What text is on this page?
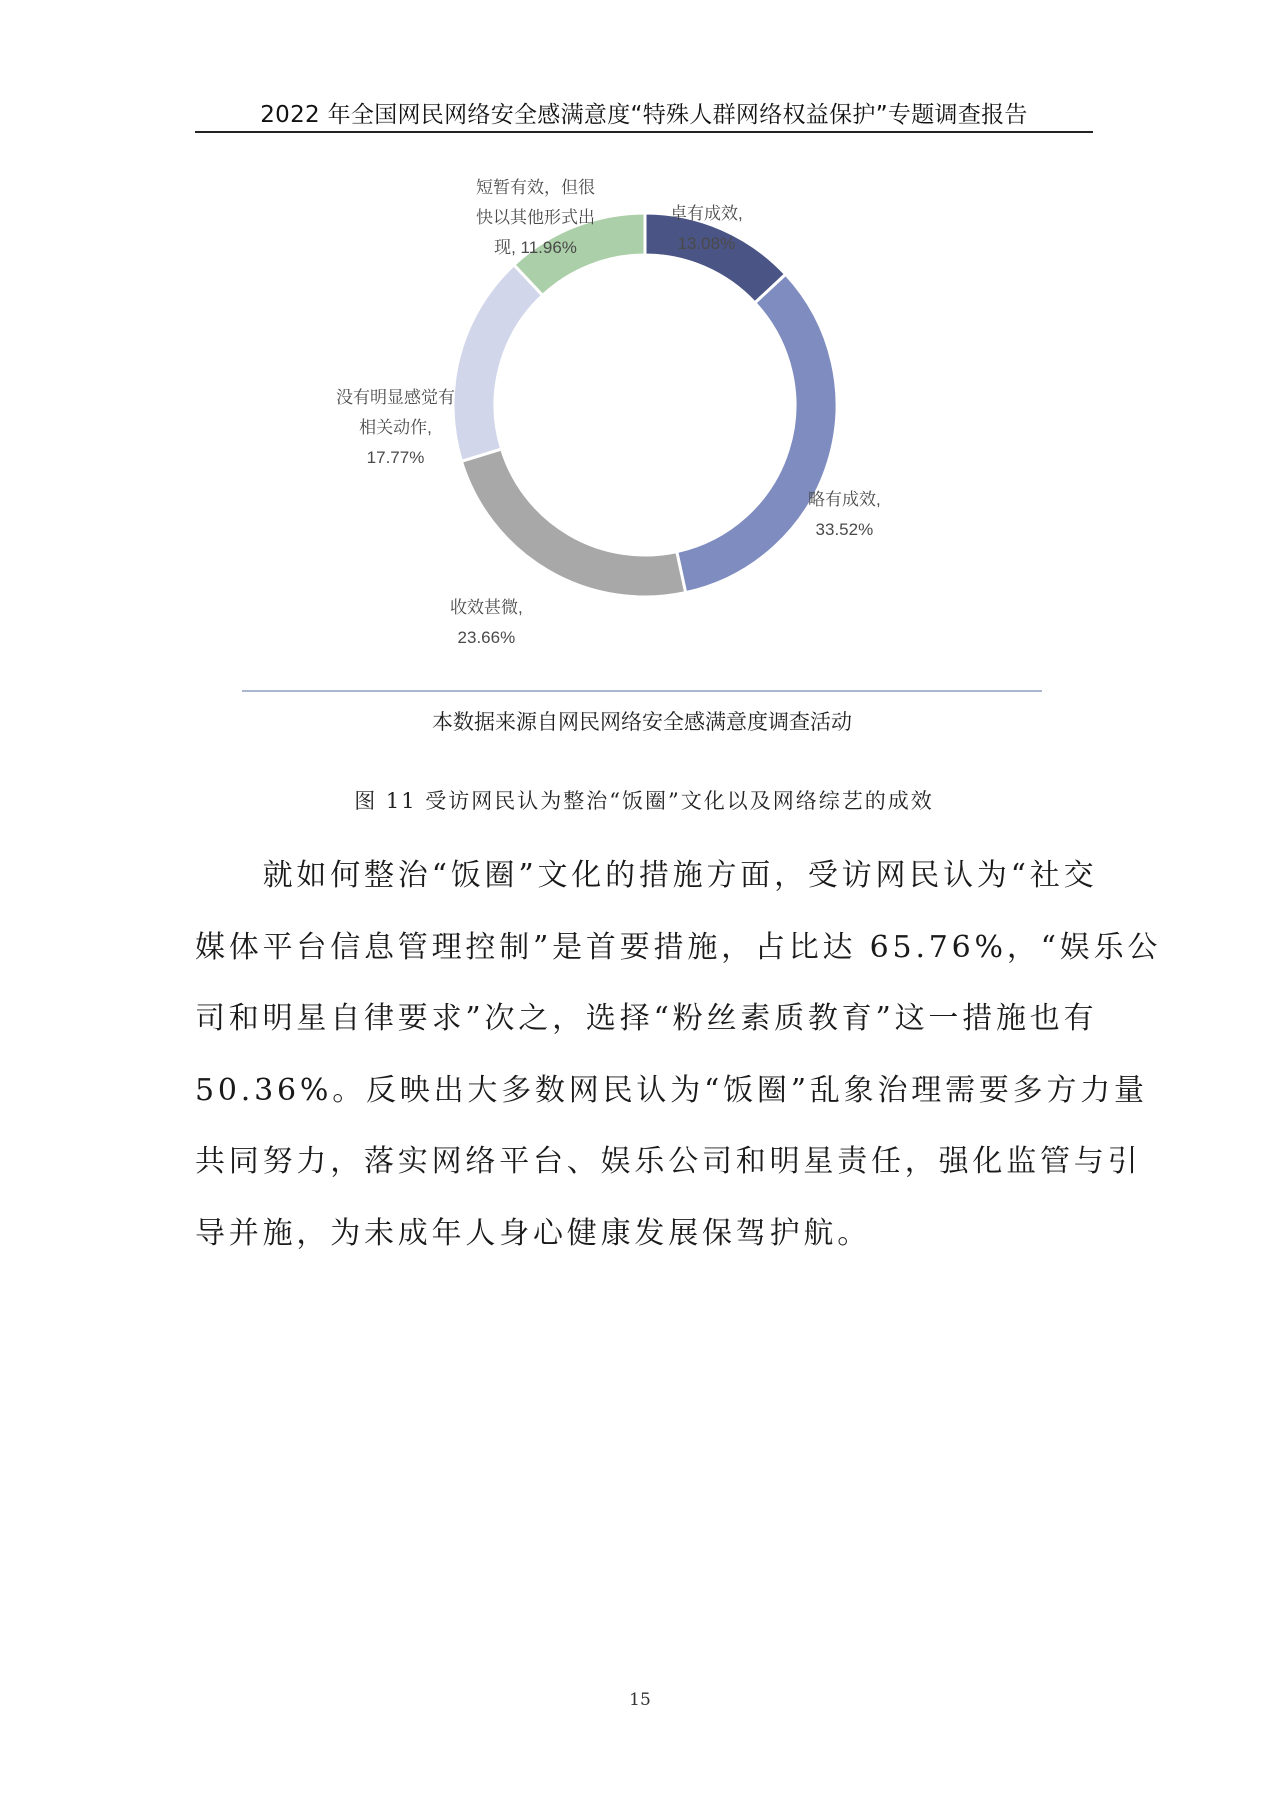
2022 年全国网民网络安全感满意度“特殊人群网络权益保护”专题调查报告
卓有成效,
13.08%
略有成效,
33.52%
收效甚微,
23.66%
没有明显感觉有
相关动作,
17.77%
短暂有效，但很
快以其他形式出
现, 11.96%
本数据来源自网民网络安全感满意度调查活动
图 11 受访网民认为整治“饭圈”文化以及网络综艺的成效
　　就如何整治“饭圈”文化的措施方面，受访网民认为“社交
媒体平台信息管理控制”是首要措施，占比达 65.76%，“娱乐公
司和明星自律要求”次之，选择“粉丝素质教育”这一措施也有
50.36%。反映出大多数网民认为“饭圈”乱象治理需要多方力量
共同努力，落实网络平台、娱乐公司和明星责任，强化监管与引
导并施，为未成年人身心健康发展保驾护航。
15
